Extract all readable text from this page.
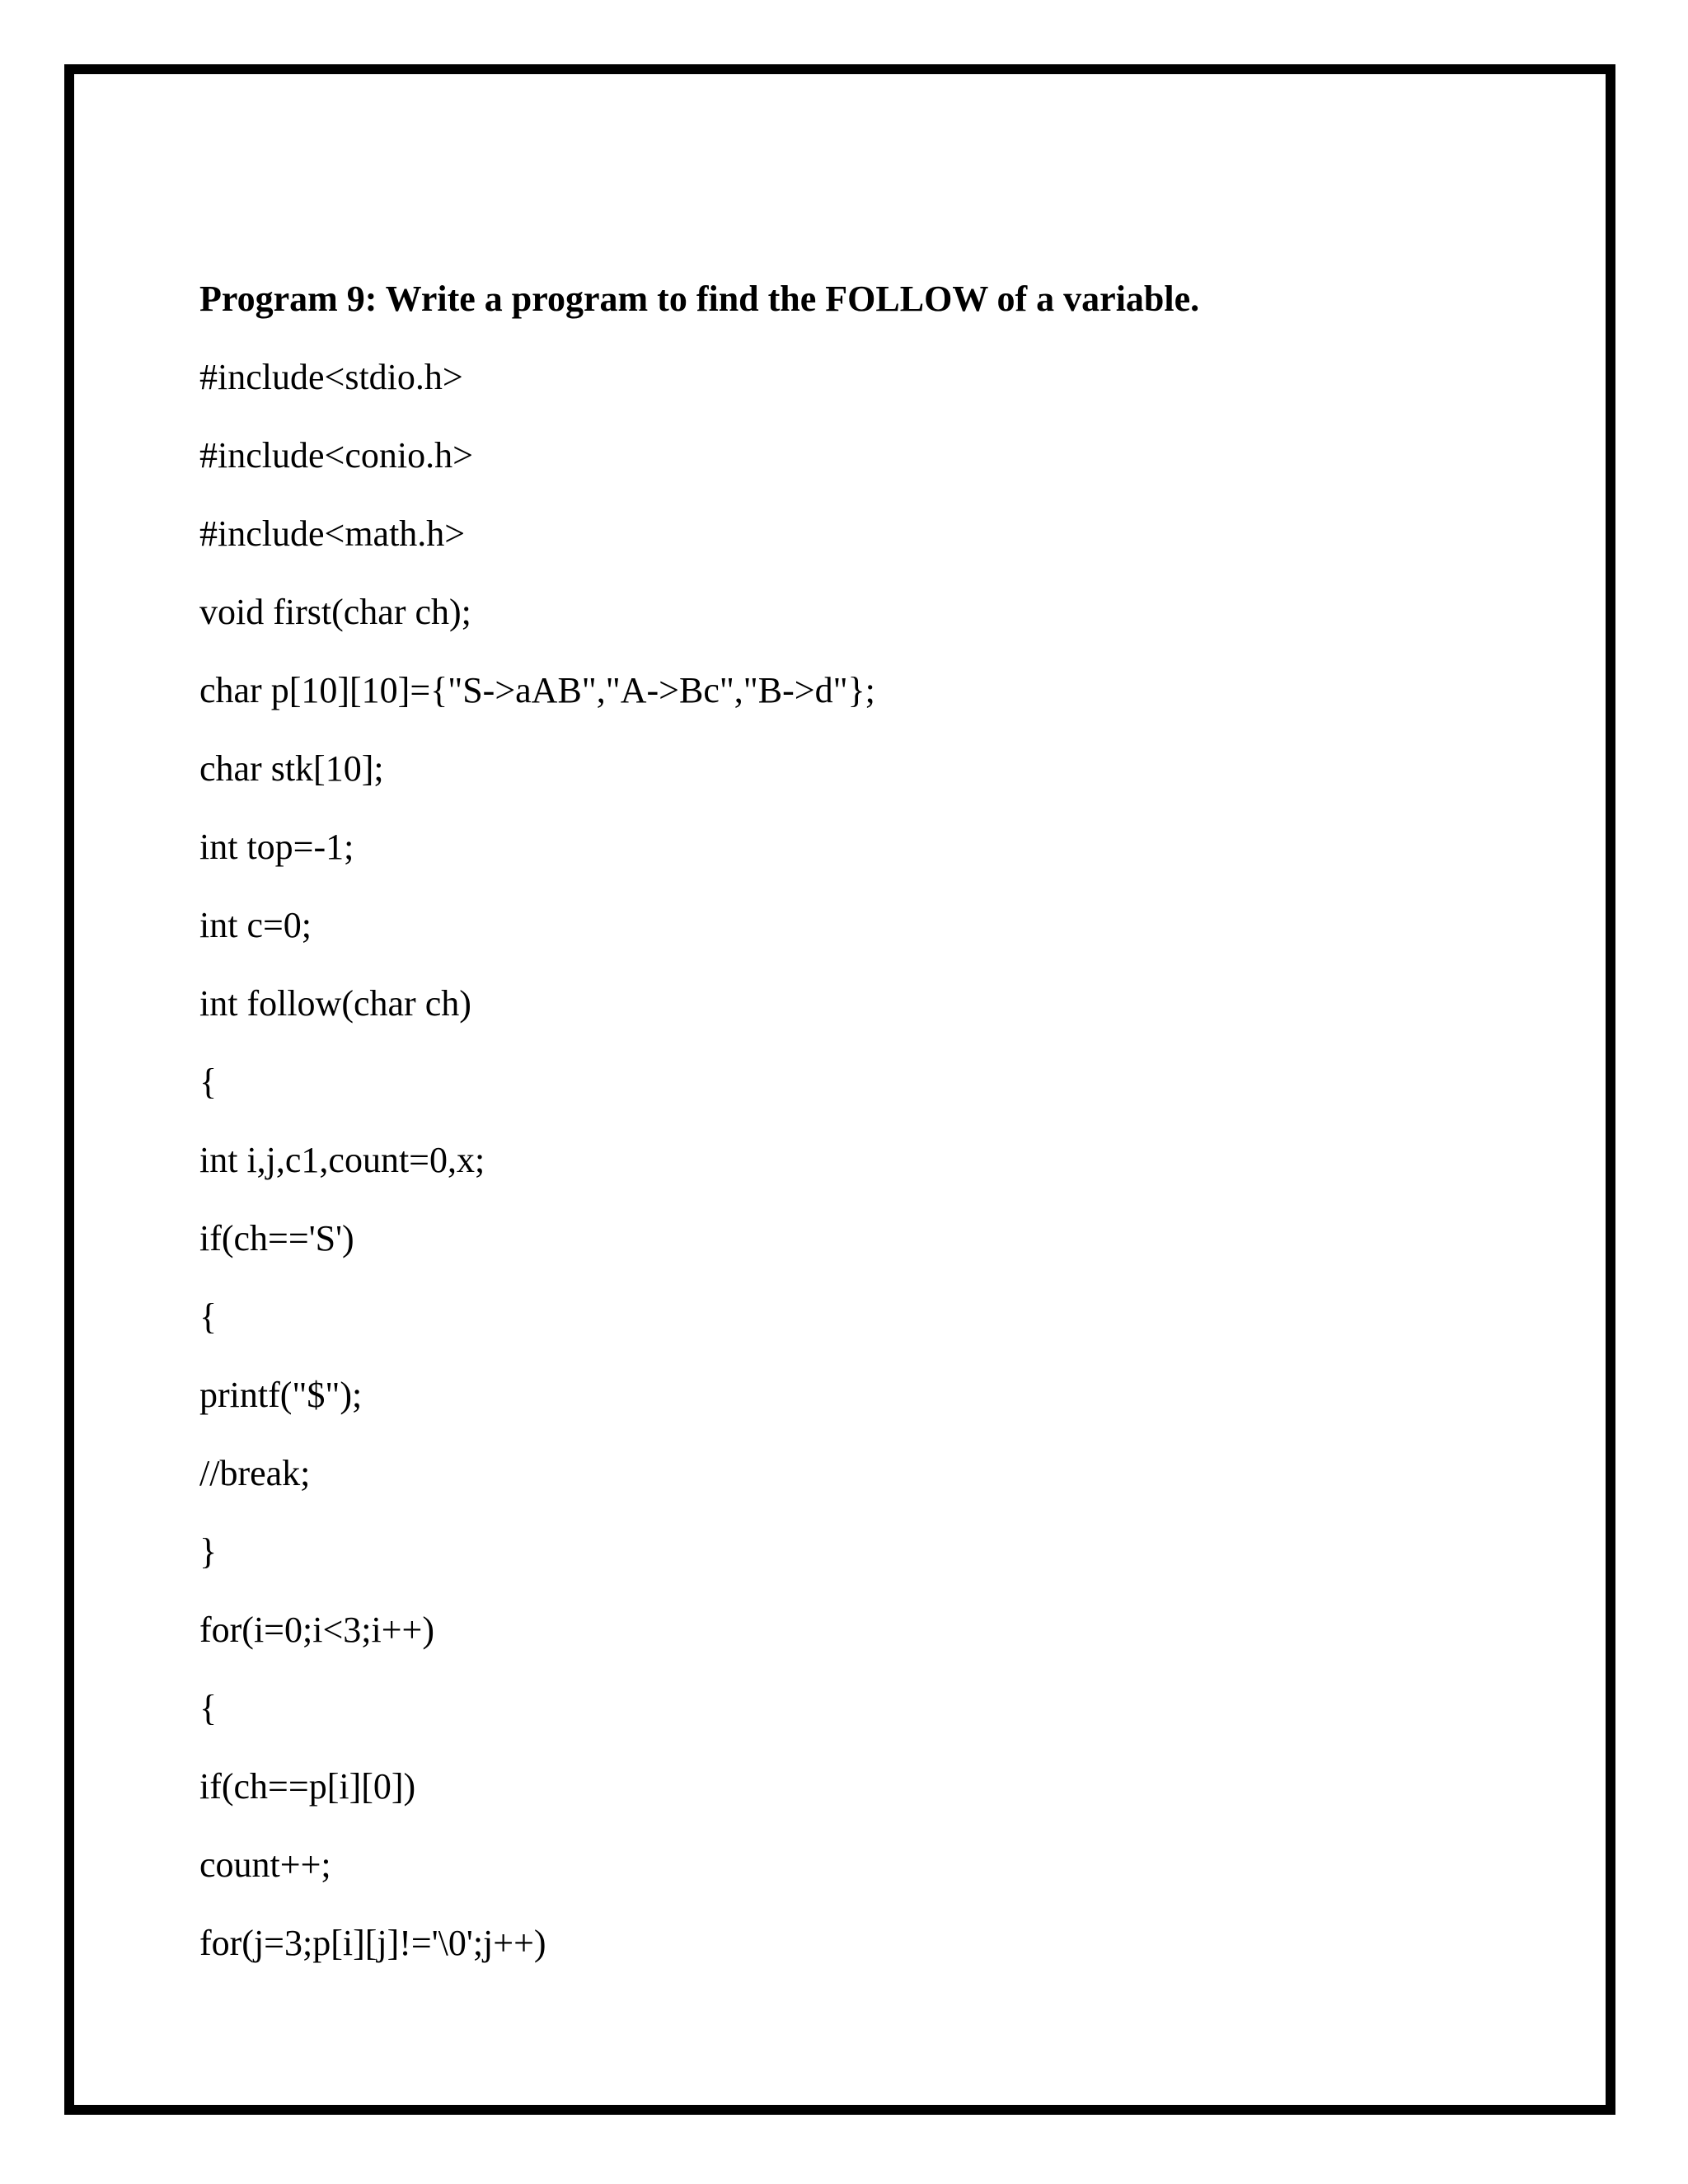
Program 9: Write a program to find the FOLLOW of a variable.
#include<stdio.h>
#include<conio.h>
#include<math.h>
void first(char ch);
char p[10][10]={"S->aAB","A->Bc","B->d"};
char stk[10];
int top=-1;
int c=0;
int follow(char ch)
{
int i,j,c1,count=0,x;
if(ch=='S')
{
printf("$");
//break;
}
for(i=0;i<3;i++)
{
if(ch==p[i][0])
count++;
for(j=3;p[i][j]!='\0';j++)
